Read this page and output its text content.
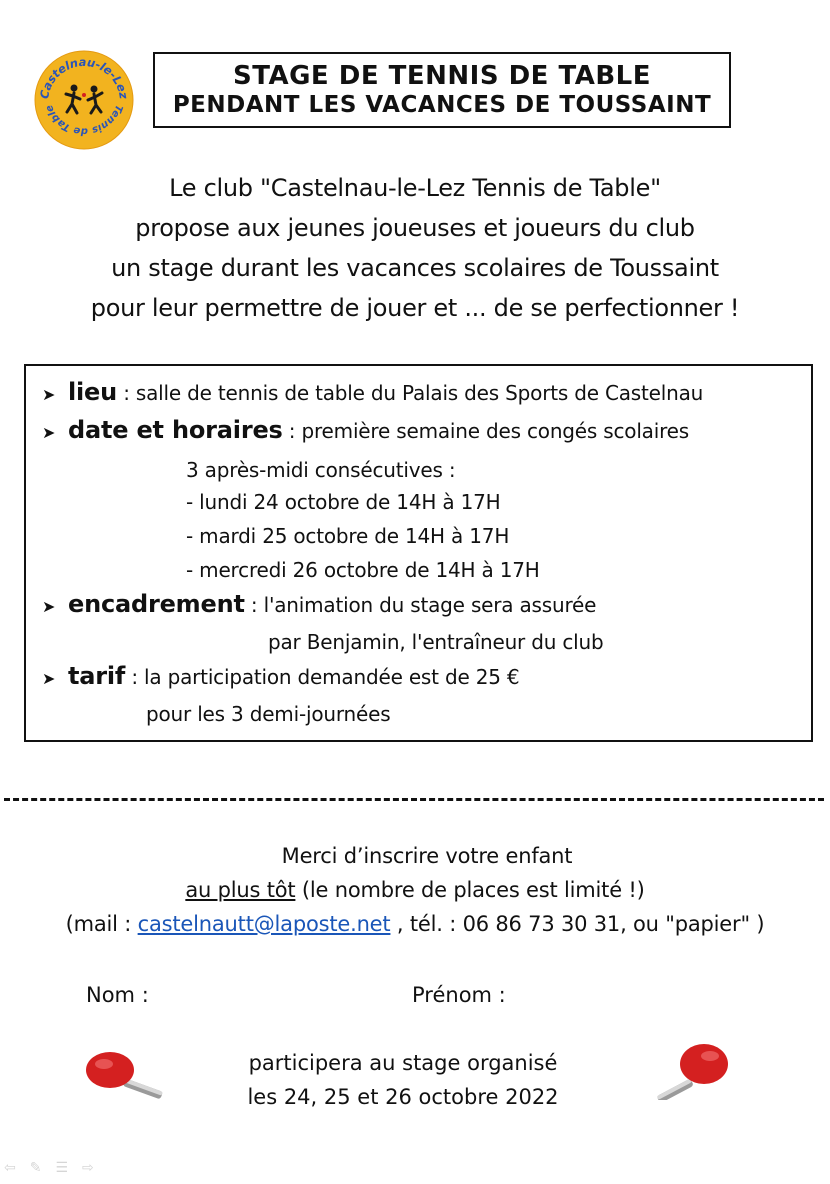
Castelnau-le-Lez
Tennis de Table
STAGE DE TENNIS DE TABLE
PENDANT LES VACANCES DE TOUSSAINT
Le club "Castelnau-le-Lez Tennis de Table"
propose aux jeunes joueuses et joueurs du club
un stage durant les vacances scolaires de Toussaint
pour leur permettre de jouer et ... de se perfectionner !
➤ lieu : salle de tennis de table du Palais des Sports de Castelnau
➤ date et horaires : première semaine des congés scolaires
3 après-midi consécutives :
- lundi 24 octobre de 14H à 17H
- mardi 25 octobre de 14H à 17H
- mercredi 26 octobre de 14H à 17H
➤ encadrement : l'animation du stage sera assurée
par Benjamin, l'entraîneur du club
➤ tarif : la participation demandée est de 25 €
pour les 3 demi-journées
Merci d’inscrire votre enfant
au plus tôt (le nombre de places est limité !)
(mail : castelnautt@laposte.net , tél. : 06 86 73 30 31, ou "papier" )
Nom :	Prénom :
participera au stage organisé
les 24, 25 et 26 octobre 2022
⇦✎☰⇨
